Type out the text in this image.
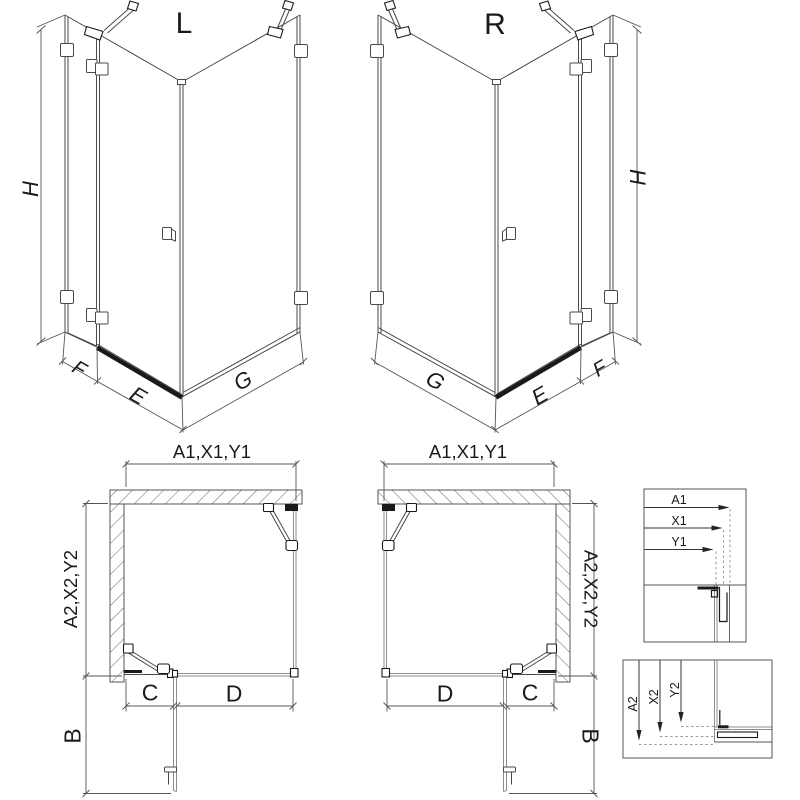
L	R
H
H
F
E	G	F
E
G
A1,X1,Y1	A1,X1,Y1
A2,X2,Y2	A2,X2,Y2
C	D
B
D	C
B
A1
X1
Y1
A2 X2 Y2
